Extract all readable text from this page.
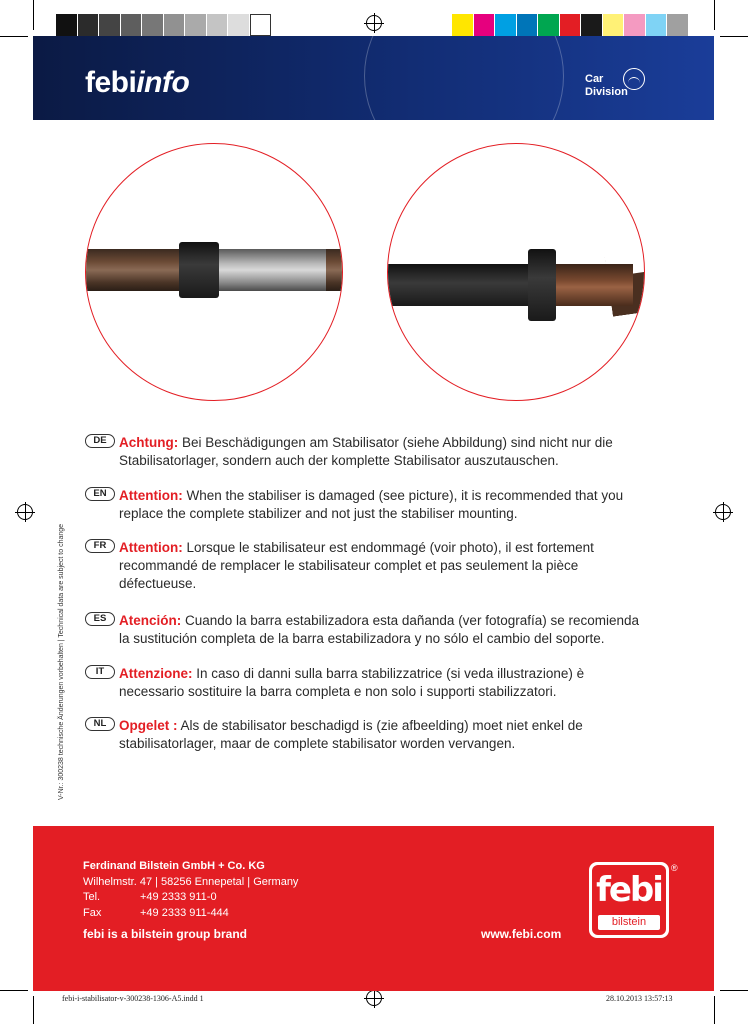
febiinfo	Car
Division
DE Achtung: Bei Beschädigungen am Stabilisator (siehe Abbildung) sind nicht nur die Stabilisatorlager, sondern auch der komplette Stabilisator auszutauschen.
EN Attention: When the stabiliser is damaged (see picture), it is recommended that you replace the complete stabilizer and not just the stabiliser mounting.
FR Attention: Lorsque le stabilisateur est endommagé (voir photo), il est fortement recommandé de remplacer le stabilisateur complet et pas seulement la pièce défectueuse.
ES Atención: Cuando la barra estabilizadora esta dañanda (ver fotografía) se recomienda la sustitución completa de la barra estabilizadora y no sólo el cambio del soporte.
IT	Attenzione: In caso di danni sulla barra stabilizzatrice (si veda illustrazione) è necessario sostituire la barra completa e non solo i supporti stabilizzatori.
NL Opgelet : Als de stabilisator beschadigd is (zie afbeelding) moet niet enkel de stabilisatorlager, maar de complete stabilisator worden vervangen.
V-Nr.: 300238 technische Änderungen vorbehalten | Technical data are subject to change
Ferdinand Bilstein GmbH + Co. KG
Wilhelmstr. 47 | 58256 Ennepetal | Germany
Tel.	+49 2333 911-0
Fax	+49 2333 911-444
febi is a bilstein group brand	www.febi.com
febi
bilstein
®
febi-i-stabilisator-v-300238-1306-A5.indd 1	28.10.2013 13:57:13
